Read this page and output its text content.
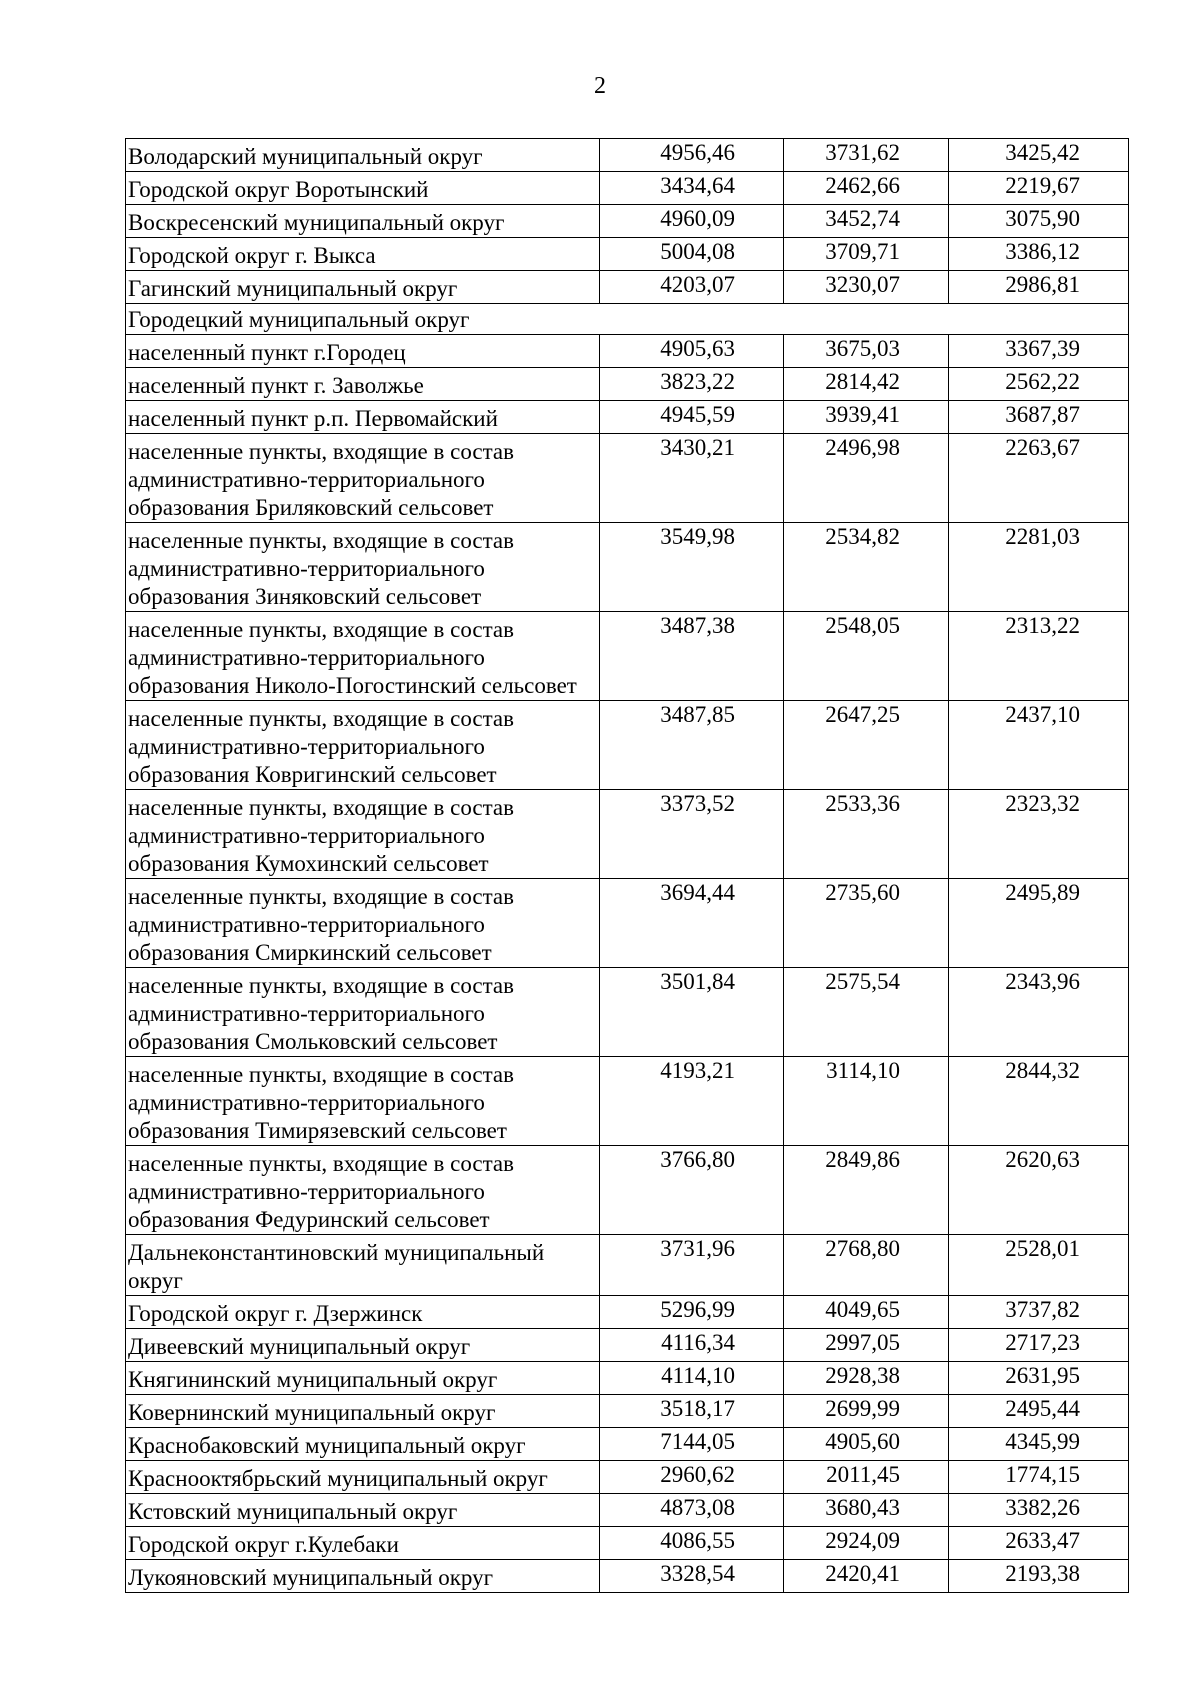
2
Володарский муниципальный округ	4956,46	3731,62	3425,42
Городской округ Воротынский	3434,64	2462,66	2219,67
Воскресенский муниципальный округ	4960,09	3452,74	3075,90
Городской округ г. Выкса	5004,08	3709,71	3386,12
Гагинский муниципальный округ	4203,07	3230,07	2986,81
Городецкий муниципальный округ			
населенный пункт г.Городец	4905,63	3675,03	3367,39
населенный пункт г. Заволжье	3823,22	2814,42	2562,22
населенный пункт р.п. Первомайский	4945,59	3939,41	3687,87
населенные пункты, входящие в состав административно-территориального образования Бриляковский сельсовет	3430,21	2496,98	2263,67
населенные пункты, входящие в состав административно-территориального образования Зиняковский сельсовет	3549,98	2534,82	2281,03
населенные пункты, входящие в состав административно-территориального образования Николо-Погостинский сельсовет	3487,38	2548,05	2313,22
населенные пункты, входящие в состав административно-территориального образования Ковригинский сельсовет	3487,85	2647,25	2437,10
населенные пункты, входящие в состав административно-территориального образования Кумохинский сельсовет	3373,52	2533,36	2323,32
населенные пункты, входящие в состав административно-территориального образования Смиркинский сельсовет	3694,44	2735,60	2495,89
населенные пункты, входящие в состав административно-территориального образования Смольковский сельсовет	3501,84	2575,54	2343,96
населенные пункты, входящие в состав административно-территориального образования Тимирязевский сельсовет	4193,21	3114,10	2844,32
населенные пункты, входящие в состав административно-территориального образования Федуринский сельсовет	3766,80	2849,86	2620,63
Дальнеконстантиновский муниципальный округ	3731,96	2768,80	2528,01
Городской округ г. Дзержинск	5296,99	4049,65	3737,82
Дивеевский муниципальный округ	4116,34	2997,05	2717,23
Княгининский муниципальный округ	4114,10	2928,38	2631,95
Ковернинский муниципальный округ	3518,17	2699,99	2495,44
Краснобаковский муниципальный округ	7144,05	4905,60	4345,99
Краснооктябрьский муниципальный округ	2960,62	2011,45	1774,15
Кстовский муниципальный округ	4873,08	3680,43	3382,26
Городской округ г.Кулебаки	4086,55	2924,09	2633,47
Лукояновский муниципальный округ	3328,54	2420,41	2193,38
